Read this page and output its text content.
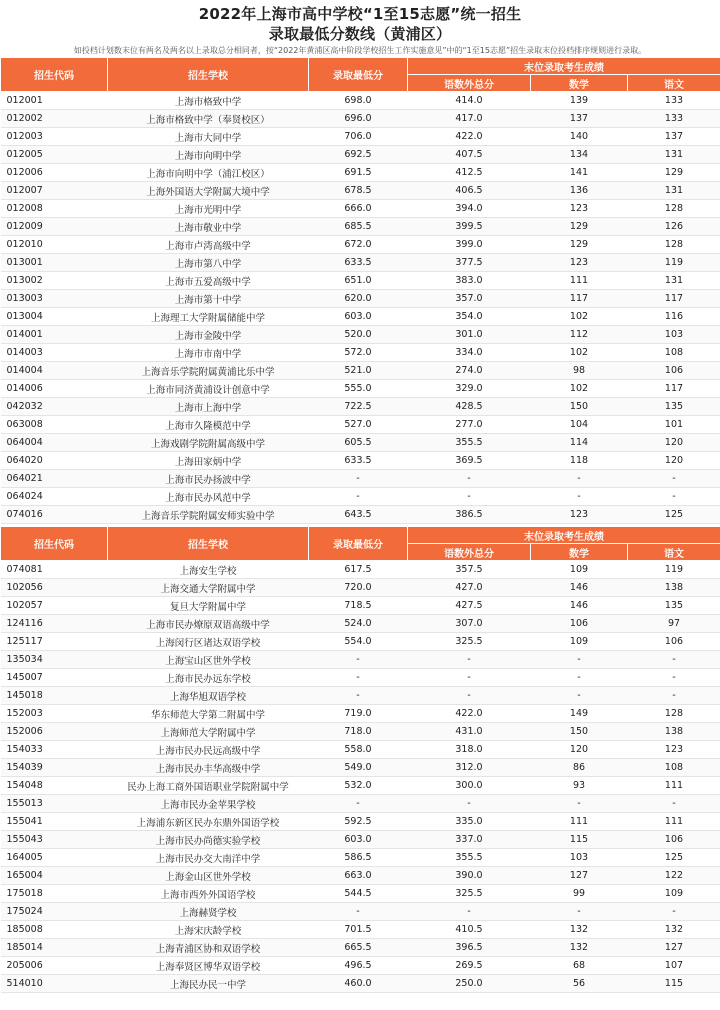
2022年上海市高中学校“1至15志愿”统一招生
录取最低分数线（黄浦区）
如投档计划数末位有两名及两名以上录取总分相同者，按“2022年黄浦区高中阶段学校招生工作实施意见”中的“1至15志愿”招生录取末位投档排序规则进行录取。
招生代码	招生学校	录取最低分	末位录取考生成绩		
			语数外总分	数学	语文
012001	上海市格致中学	698.0	414.0	139	133
012002	上海市格致中学（奉贤校区）	696.0	417.0	137	133
012003	上海市大同中学	706.0	422.0	140	137
012005	上海市向明中学	692.5	407.5	134	131
012006	上海市向明中学（浦江校区）	691.5	412.5	141	129
012007	上海外国语大学附属大境中学	678.5	406.5	136	131
012008	上海市光明中学	666.0	394.0	123	128
012009	上海市敬业中学	685.5	399.5	129	126
012010	上海市卢湾高级中学	672.0	399.0	129	128
013001	上海市第八中学	633.5	377.5	123	119
013002	上海市五爱高级中学	651.0	383.0	111	131
013003	上海市第十中学	620.0	357.0	117	117
013004	上海理工大学附属储能中学	603.0	354.0	102	116
014001	上海市金陵中学	520.0	301.0	112	103
014003	上海市市南中学	572.0	334.0	102	108
014004	上海音乐学院附属黄浦比乐中学	521.0	274.0	98	106
014006	上海市同济黄浦设计创意中学	555.0	329.0	102	117
042032	上海市上海中学	722.5	428.5	150	135
063008	上海市久隆模范中学	527.0	277.0	104	101
064004	上海戏剧学院附属高级中学	605.5	355.5	114	120
064020	上海田家炳中学	633.5	369.5	118	120
064021	上海市民办扬波中学	-	-	-	-
064024	上海市民办风范中学	-	-	-	-
074016	上海音乐学院附属安师实验中学	643.5	386.5	123	125

招生代码	招生学校	录取最低分	末位录取考生成绩		
			语数外总分	数学	语文
074081	上海安生学校	617.5	357.5	109	119
102056	上海交通大学附属中学	720.0	427.0	146	138
102057	复旦大学附属中学	718.5	427.5	146	135
124116	上海市民办燎原双语高级中学	524.0	307.0	106	97
125117	上海闵行区诸达双语学校	554.0	325.5	109	106
135034	上海宝山区世外学校	-	-	-	-
145007	上海市民办远东学校	-	-	-	-
145018	上海华旭双语学校	-	-	-	-
152003	华东师范大学第二附属中学	719.0	422.0	149	128
152006	上海师范大学附属中学	718.0	431.0	150	138
154033	上海市民办民远高级中学	558.0	318.0	120	123
154039	上海市民办丰华高级中学	549.0	312.0	86	108
154048	民办上海工商外国语职业学院附属中学	532.0	300.0	93	111
155013	上海市民办金苹果学校	-	-	-	-
155041	上海浦东新区民办东鼎外国语学校	592.5	335.0	111	111
155043	上海市民办尚德实验学校	603.0	337.0	115	106
164005	上海市民办交大南洋中学	586.5	355.5	103	125
165004	上海金山区世外学校	663.0	390.0	127	122
175018	上海市西外外国语学校	544.5	325.5	99	109
175024	上海赫贤学校	-	-	-	-
185008	上海宋庆龄学校	701.5	410.5	132	132
185014	上海青浦区协和双语学校	665.5	396.5	132	127
205006	上海奉贤区博华双语学校	496.5	269.5	68	107
514010	上海民办民一中学	460.0	250.0	56	115
